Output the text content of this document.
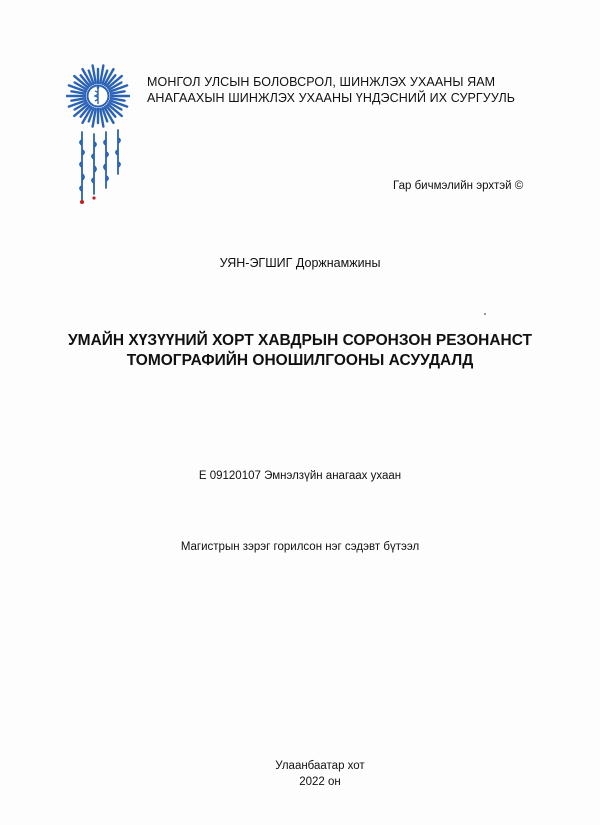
МОНГОЛ УЛСЫН БОЛОВСРОЛ, ШИНЖЛЭХ УХААНЫ ЯАМ
АНАГААХЫН ШИНЖЛЭХ УХААНЫ ҮНДЭСНИЙ ИХ СУРГУУЛЬ
Гар бичмэлийн эрхтэй ©
УЯН-ЭГШИГ Доржнамжины
УМАЙН ХҮЗҮҮНИЙ ХОРТ ХАВДРЫН СОРОНЗОН РЕЗОНАНСТ
ТОМОГРАФИЙН ОНОШИЛГООНЫ АСУУДАЛД
Е 09120107 Эмнэлзүйн анагаах ухаан
Магистрын зэрэг горилсон нэг сэдэвт бүтээл
Улаанбаатар хот
2022 он
